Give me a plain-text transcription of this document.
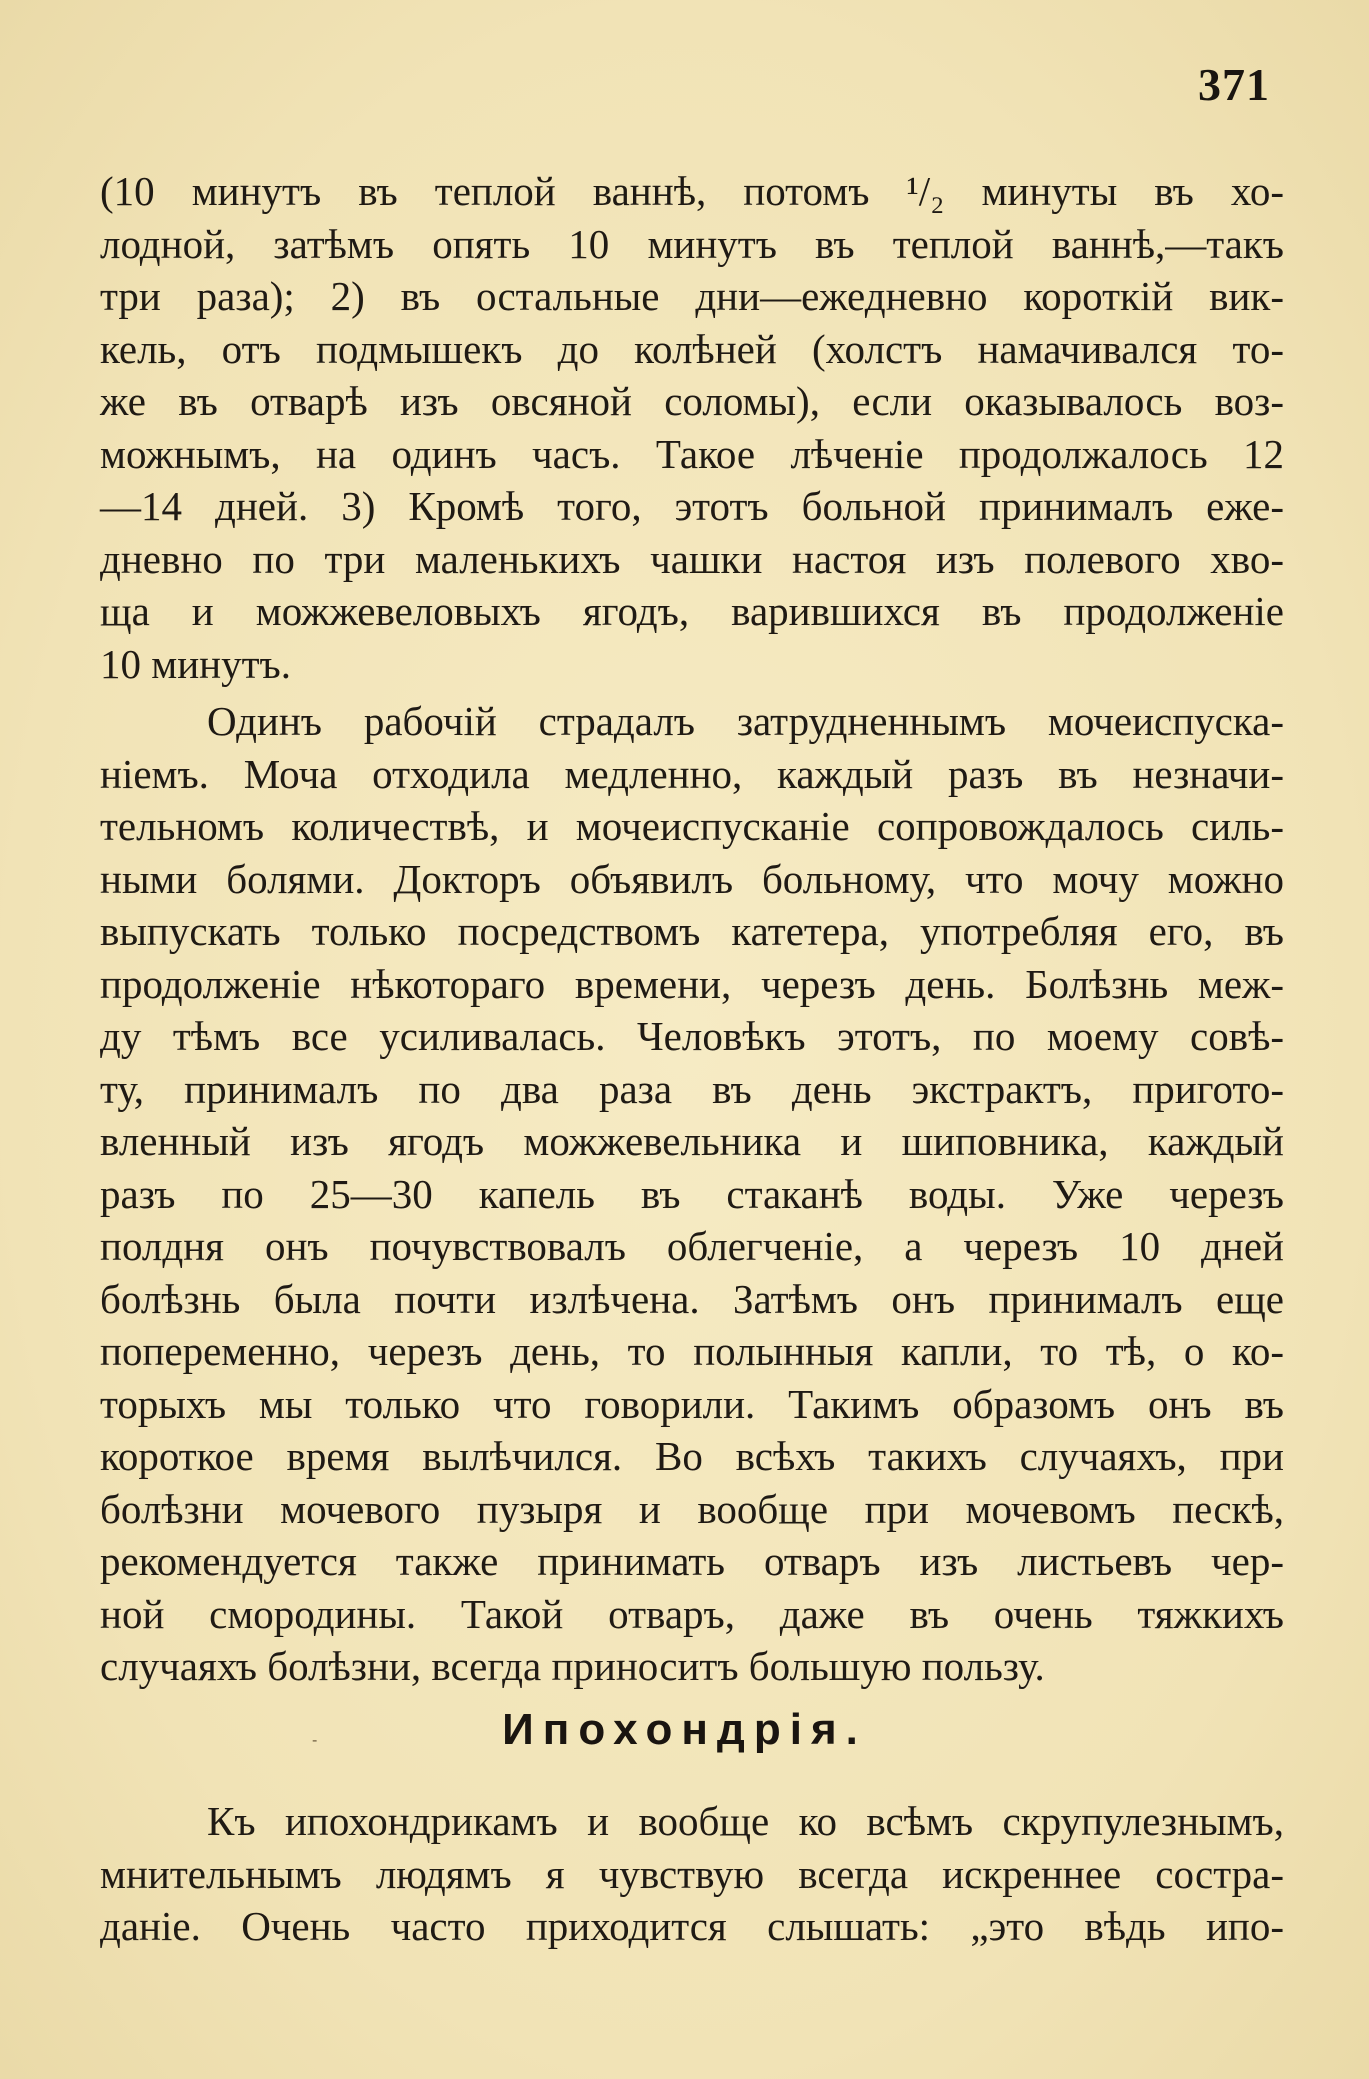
371
(10 минутъ въ теплой ваннѣ, потомъ ¹/₂ минуты въ хо-
лодной, затѣмъ опять 10 минутъ въ теплой ваннѣ,—такъ
три раза); 2) въ остальные дни—ежедневно короткій вик-
кель, отъ подмышекъ до колѣней (холстъ намачивался то-
же въ отварѣ изъ овсяной соломы), если оказывалось воз-
можнымъ, на одинъ часъ. Такое лѣченіе продолжалось 12
—14 дней. 3) Кромѣ того, этотъ больной принималъ еже-
дневно по три маленькихъ чашки настоя изъ полевого хво-
ща и можжевеловыхъ ягодъ, варившихся въ продолженіе
10 минутъ.
Одинъ рабочій страдалъ затрудненнымъ мочеиспуска-
ніемъ. Моча отходила медленно, каждый разъ въ незначи-
тельномъ количествѣ, и мочеиспусканіе сопровождалось силь-
ными болями. Докторъ объявилъ больному, что мочу можно
выпускать только посредствомъ катетера, употребляя его, въ
продолженіе нѣкотораго времени, черезъ день. Болѣзнь меж-
ду тѣмъ все усиливалась. Человѣкъ этотъ, по моему совѣ-
ту, принималъ по два раза въ день экстрактъ, пригото-
вленный изъ ягодъ можжевельника и шиповника, каждый
разъ по 25—30 капель въ стаканѣ воды. Уже черезъ
полдня онъ почувствовалъ облегченіе, а черезъ 10 дней
болѣзнь была почти излѣчена. Затѣмъ онъ принималъ еще
попеременно, черезъ день, то полынныя капли, то тѣ, о ко-
торыхъ мы только что говорили. Такимъ образомъ онъ въ
короткое время вылѣчился. Во всѣхъ такихъ случаяхъ, при
болѣзни мочевого пузыря и вообще при мочевомъ пескѣ,
рекомендуется также принимать отваръ изъ листьевъ чер-
ной смородины. Такой отваръ, даже въ очень тяжкихъ
случаяхъ болѣзни, всегда приноситъ большую пользу.
-	Ипохондрія.
Къ ипохондрикамъ и вообще ко всѣмъ скрупулезнымъ,
мнительнымъ людямъ я чувствую всегда искреннее состра-
даніе. Очень часто приходится слышать: „это вѣдь ипо-
